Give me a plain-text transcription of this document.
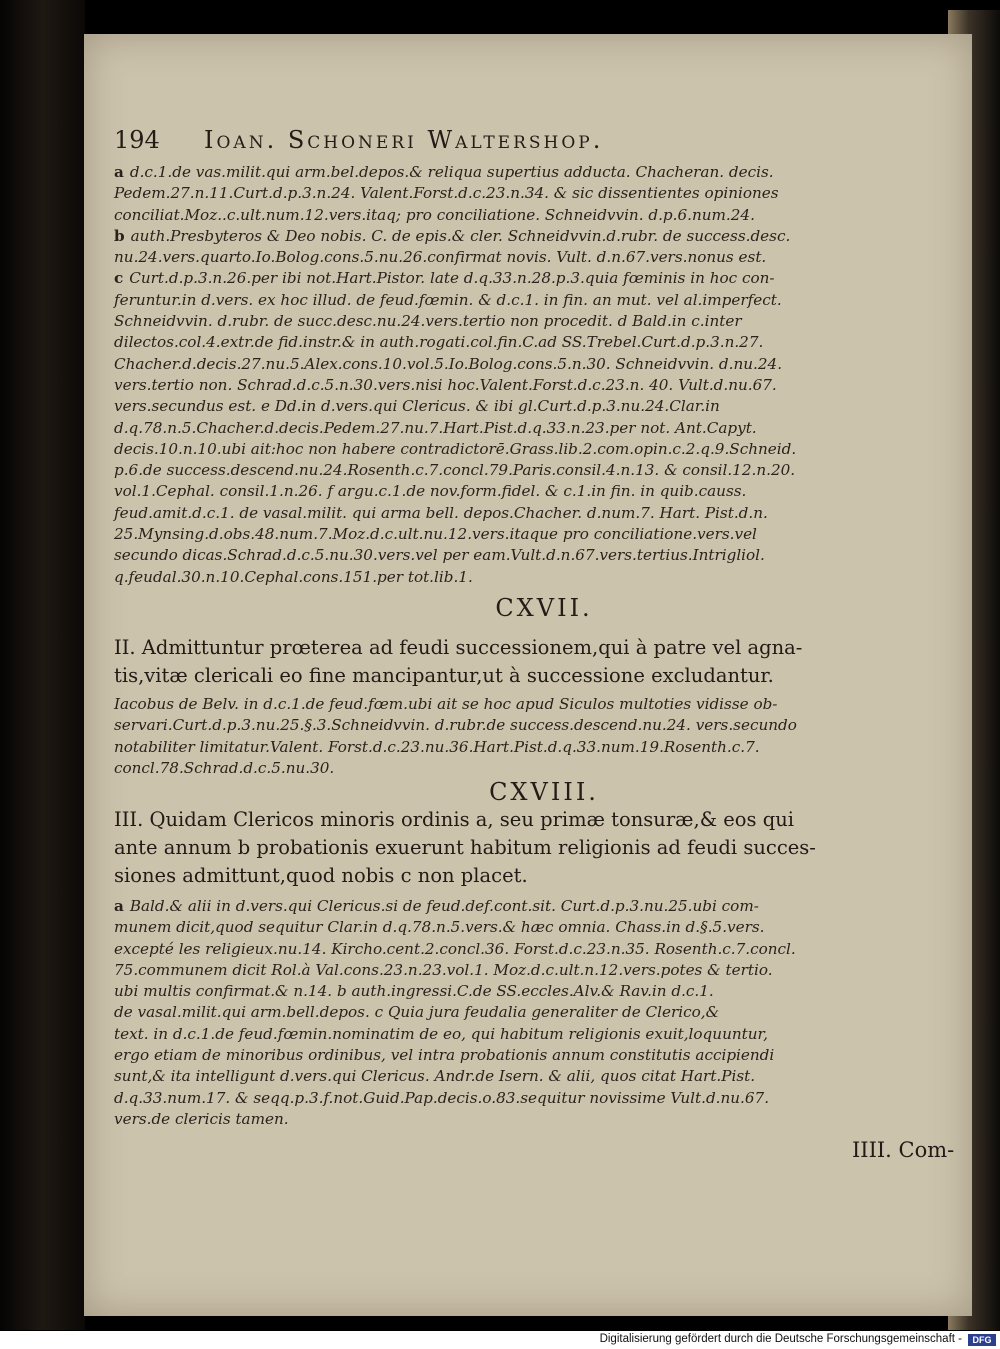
194 Ioan. Schoneri Waltershop.
a d.c.1.de vas.milit.qui arm.bel.depos.& reliqua supertius adducta. Chacheran. decis.
Pedem.27.n.11.Curt.d.p.3.n.24. Valent.Forst.d.c.23.n.34. & sic dissentientes opiniones
conciliat.Moz..c.ult.num.12.vers.itaq; pro conciliatione. Schneidvvin. d.p.6.num.24.
b auth.Presbyteros & Deo nobis. C. de epis.& cler. Schneidvvin.d.rubr. de success.desc.
nu.24.vers.quarto.Io.Bolog.cons.5.nu.26.confirmat novis. Vult. d.n.67.vers.nonus est.
c Curt.d.p.3.n.26.per ibi not.Hart.Pistor. late d.q.33.n.28.p.3.quia fœminis in hoc con-
feruntur.in d.vers. ex hoc illud. de feud.fœmin. & d.c.1. in fin. an mut. vel al.imperfect.
Schneidvvin. d.rubr. de succ.desc.nu.24.vers.tertio non procedit. d Bald.in c.inter
dilectos.col.4.extr.de fid.instr.& in auth.rogati.col.fin.C.ad SS.Trebel.Curt.d.p.3.n.27.
Chacher.d.decis.27.nu.5.Alex.cons.10.vol.5.Io.Bolog.cons.5.n.30. Schneidvvin. d.nu.24.
vers.tertio non. Schrad.d.c.5.n.30.vers.nisi hoc.Valent.Forst.d.c.23.n. 40. Vult.d.nu.67.
vers.secundus est. e Dd.in d.vers.qui Clericus. & ibi gl.Curt.d.p.3.nu.24.Clar.in
d.q.78.n.5.Chacher.d.decis.Pedem.27.nu.7.Hart.Pist.d.q.33.n.23.per not. Ant.Capyt.
decis.10.n.10.ubi ait:hoc non habere contradictorē.Grass.lib.2.com.opin.c.2.q.9.Schneid.
p.6.de success.descend.nu.24.Rosenth.c.7.concl.79.Paris.consil.4.n.13. & consil.12.n.20.
vol.1.Cephal. consil.1.n.26. f argu.c.1.de nov.form.fidel. & c.1.in fin. in quib.causs.
feud.amit.d.c.1. de vasal.milit. qui arma bell. depos.Chacher. d.num.7. Hart. Pist.d.n.
25.Mynsing.d.obs.48.num.7.Moz.d.c.ult.nu.12.vers.itaque pro conciliatione.vers.vel
secundo dicas.Schrad.d.c.5.nu.30.vers.vel per eam.Vult.d.n.67.vers.tertius.Intrigliol.
q.feudal.30.n.10.Cephal.cons.151.per tot.lib.1.
CXVII.
II. Admittuntur prœterea ad feudi successionem,qui à patre vel agna-
tis,vitæ clericali eo fine mancipantur,ut à successione excludantur.
Iacobus de Belv. in d.c.1.de feud.fœm.ubi ait se hoc apud Siculos multoties vidisse ob-
servari.Curt.d.p.3.nu.25.§.3.Schneidvvin. d.rubr.de success.descend.nu.24. vers.secundo
notabiliter limitatur.Valent. Forst.d.c.23.nu.36.Hart.Pist.d.q.33.num.19.Rosenth.c.7.
concl.78.Schrad.d.c.5.nu.30.
CXVIII.
III. Quidam Clericos minoris ordinis a, seu primæ tonsuræ,& eos qui
ante annum b probationis exuerunt habitum religionis ad feudi succes-
siones admittunt,quod nobis c non placet.
a Bald.& alii in d.vers.qui Clericus.si de feud.def.cont.sit. Curt.d.p.3.nu.25.ubi com-
munem dicit,quod sequitur Clar.in d.q.78.n.5.vers.& hæc omnia. Chass.in d.§.5.vers.
excepté les religieux.nu.14. Kircho.cent.2.concl.36. Forst.d.c.23.n.35. Rosenth.c.7.concl.
75.communem dicit Rol.à Val.cons.23.n.23.vol.1. Moz.d.c.ult.n.12.vers.potes & tertio.
ubi multis confirmat.& n.14. b auth.ingressi.C.de SS.eccles.Alv.& Rav.in d.c.1.
de vasal.milit.qui arm.bell.depos. c Quia jura feudalia generaliter de Clerico,&
text. in d.c.1.de feud.fœmin.nominatim de eo, qui habitum religionis exuit,loquuntur,
ergo etiam de minoribus ordinibus, vel intra probationis annum constitutis accipiendi
sunt,& ita intelligunt d.vers.qui Clericus. Andr.de Isern. & alii, quos citat Hart.Pist.
d.q.33.num.17. & seqq.p.3.f.not.Guid.Pap.decis.o.83.sequitur novissime Vult.d.nu.67.
vers.de clericis tamen.
IIII. Com-
Digitalisierung gefördert durch die Deutsche Forschungsgemeinschaft -	DFG
